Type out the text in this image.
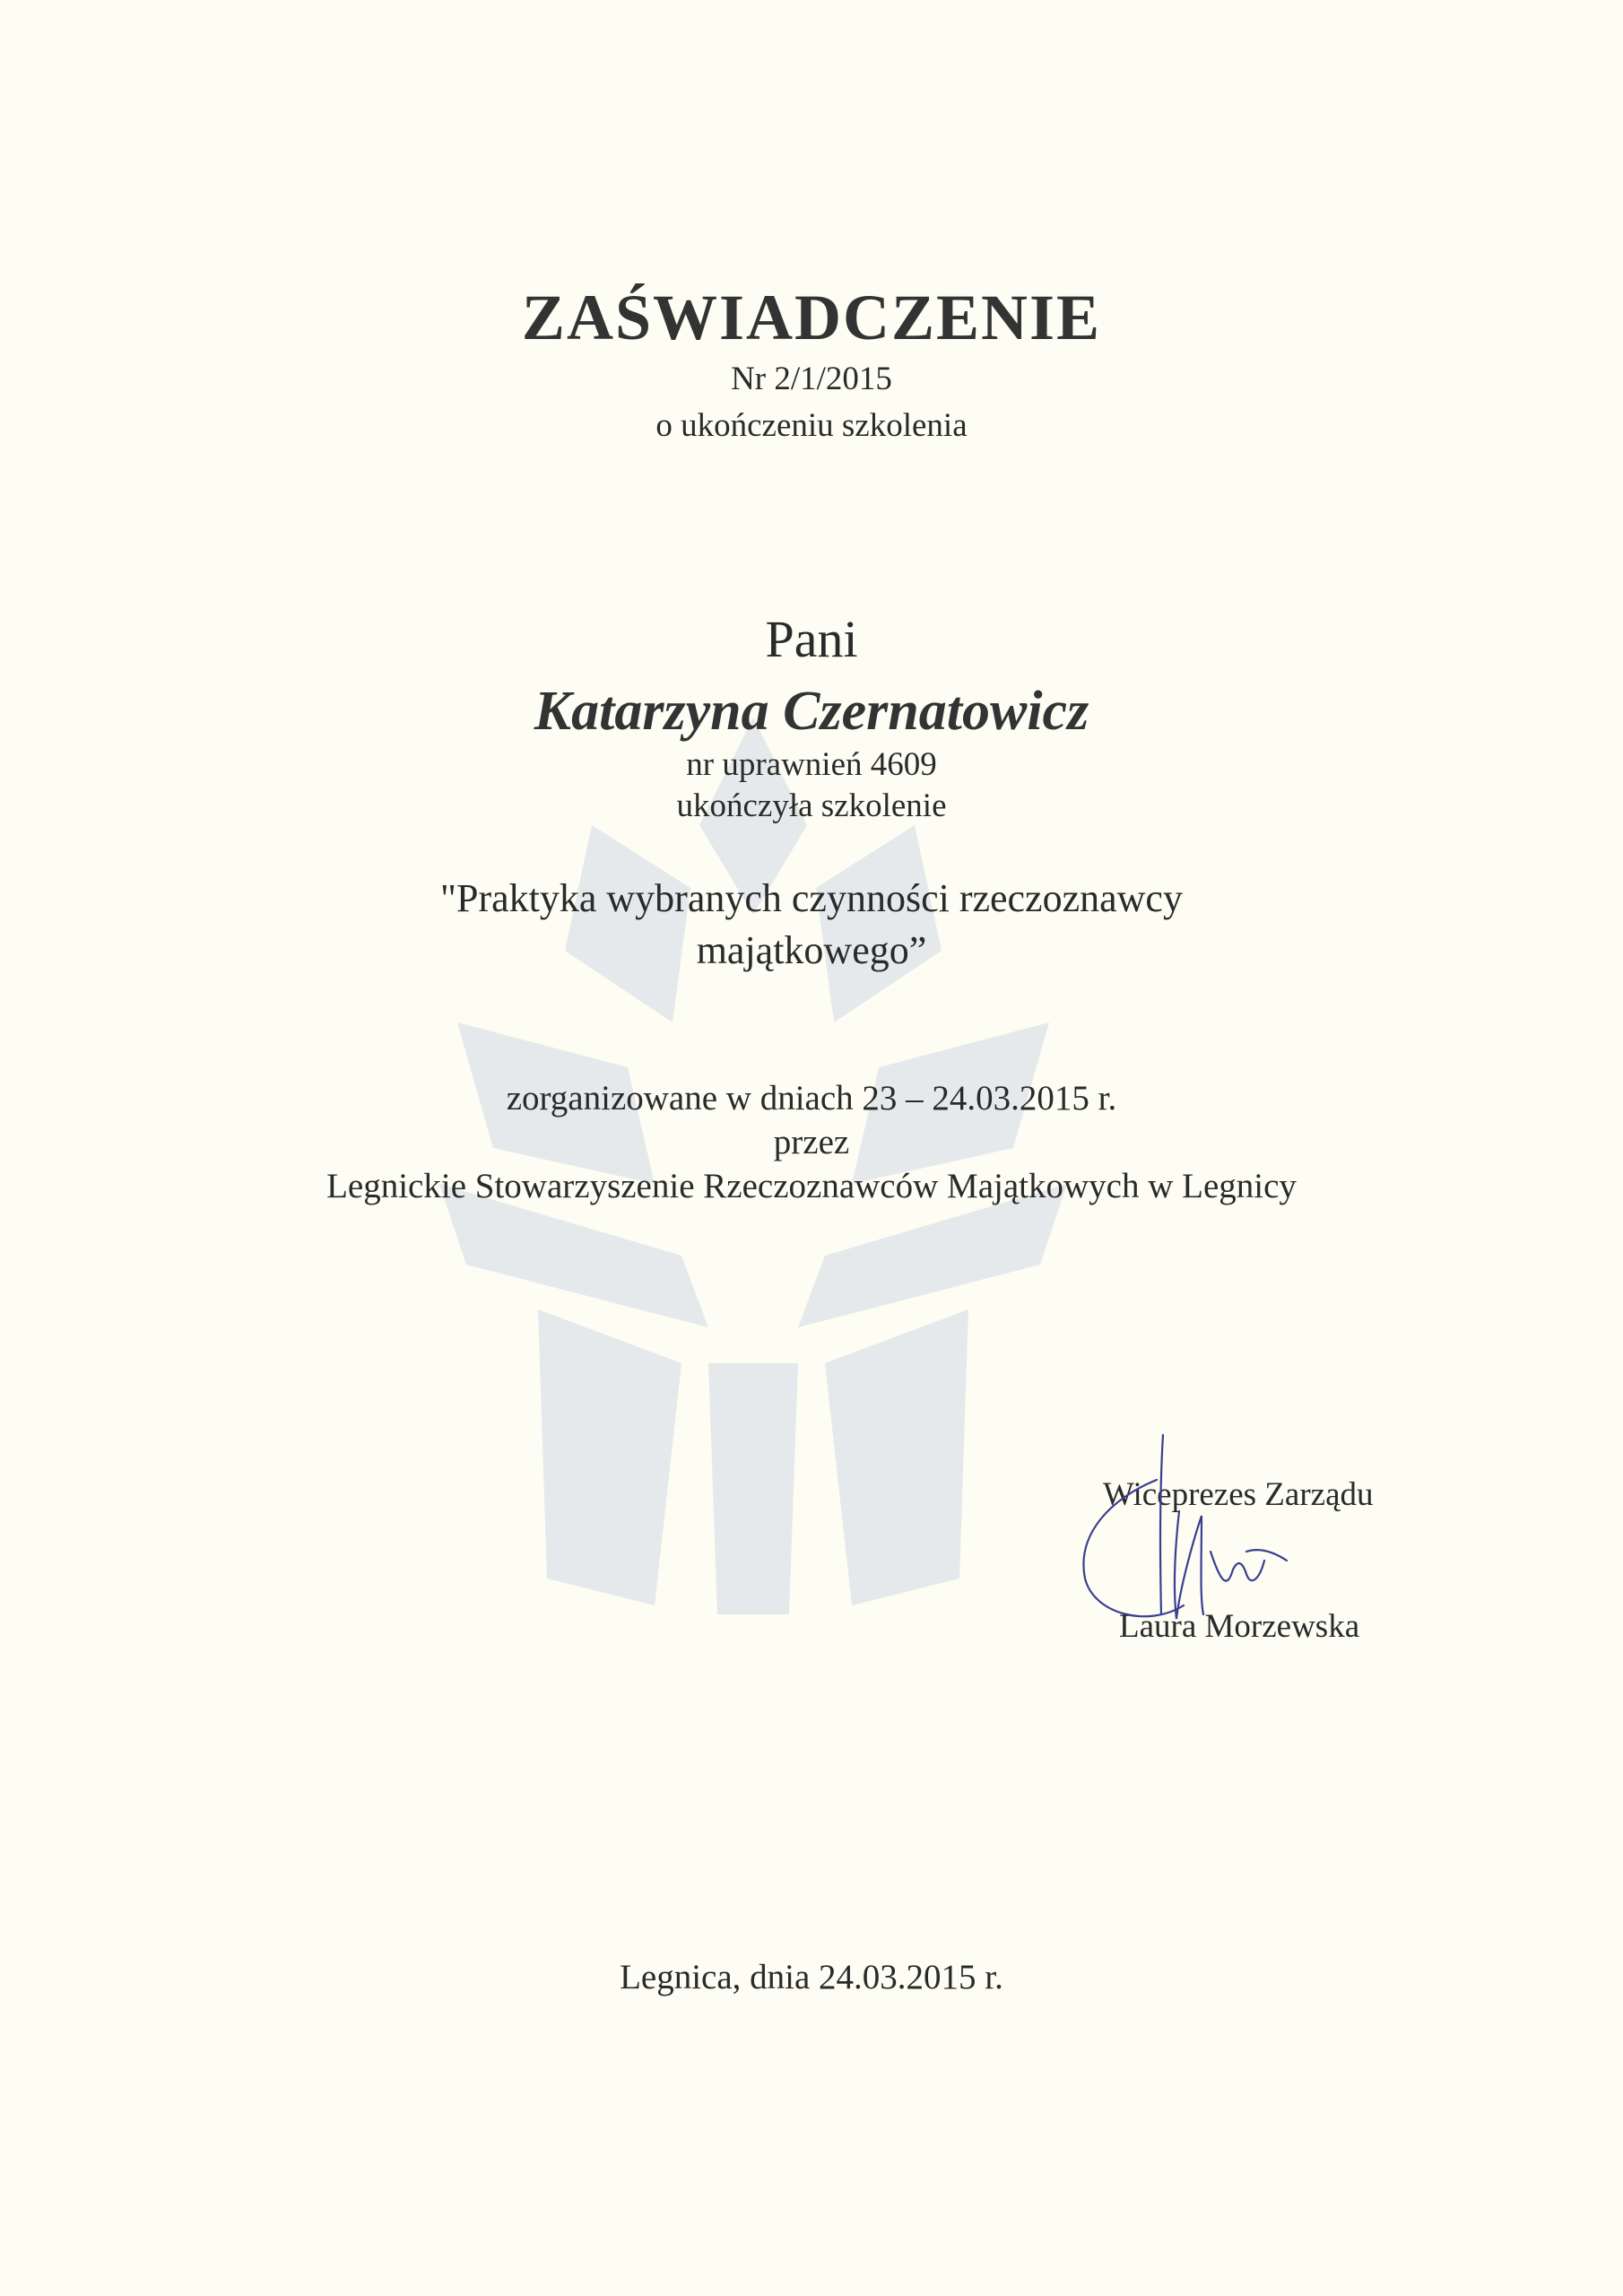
ZAŚWIADCZENIE
Nr 2/1/2015
o ukończeniu szkolenia
Pani
Katarzyna Czernatowicz
nr uprawnień 4609
ukończyła szkolenie
"Praktyka wybranych czynności rzeczoznawcy
majątkowego”
zorganizowane w dniach 23 – 24.03.2015 r.
przez
Legnickie Stowarzyszenie Rzeczoznawców Majątkowych w Legnicy
Wiceprezes Zarządu
Laura Morzewska
Legnica, dnia 24.03.2015 r.
